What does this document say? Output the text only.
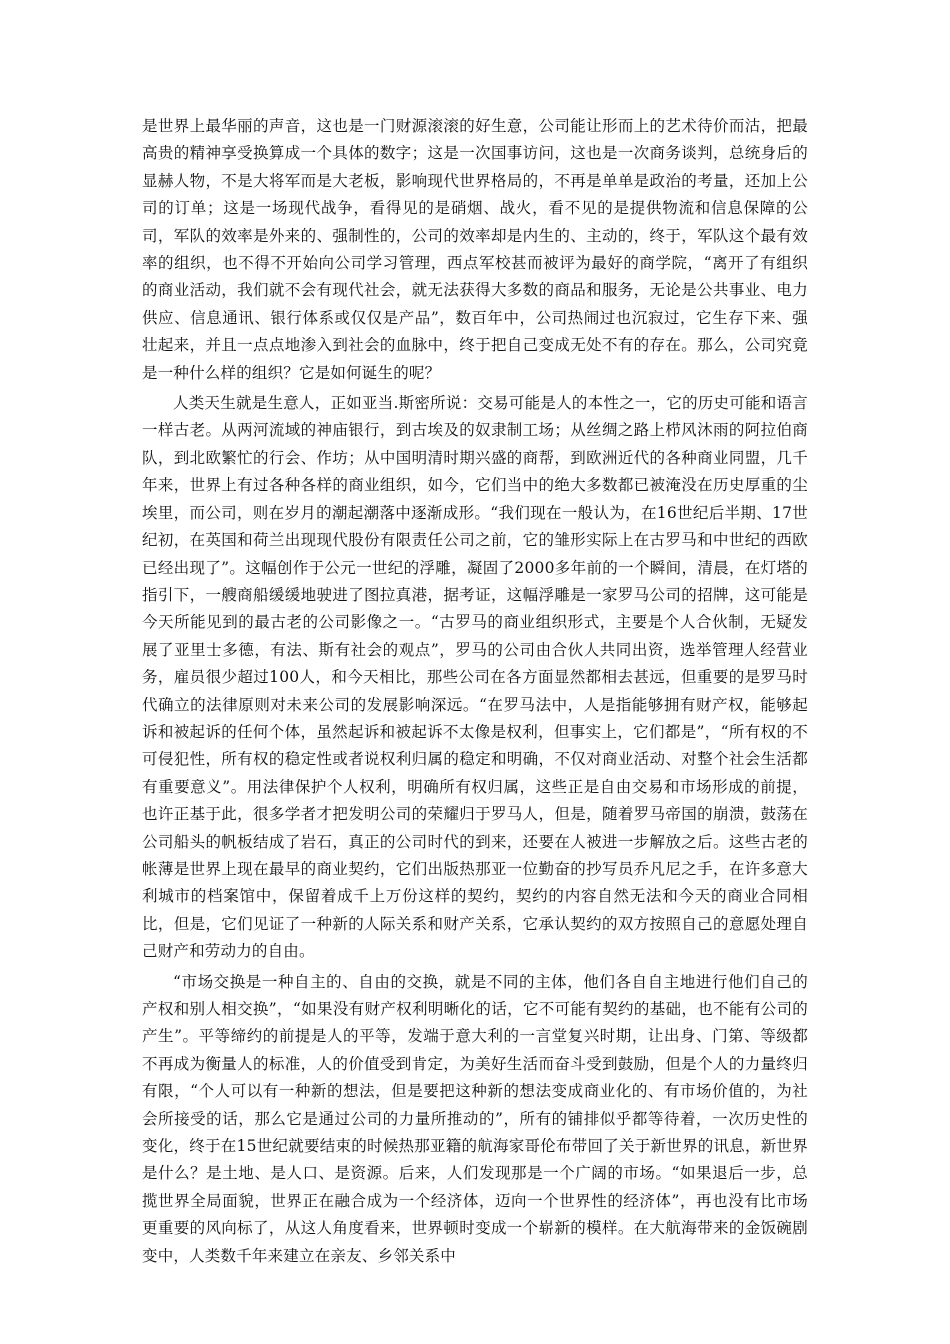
是世界上最华丽的声音，这也是一门财源滚滚的好生意，公司能让形而上的艺术待价而沽，把最高贵的精神享受换算成一个具体的数字；这是一次国事访问，这也是一次商务谈判，总统身后的显赫人物，不是大将军而是大老板，影响现代世界格局的，不再是单单是政治的考量，还加上公司的订单；这是一场现代战争，看得见的是硝烟、战火，看不见的是提供物流和信息保障的公司，军队的效率是外来的、强制性的，公司的效率却是内生的、主动的，终于，军队这个最有效率的组织，也不得不开始向公司学习管理，西点军校甚而被评为最好的商学院，“离开了有组织的商业活动，我们就不会有现代社会，就无法获得大多数的商品和服务，无论是公共事业、电力供应、信息通讯、银行体系或仅仅是产品”，数百年中，公司热闹过也沉寂过，它生存下来、强壮起来，并且一点点地渗入到社会的血脉中，终于把自己变成无处不有的存在。那么，公司究竟是一种什么样的组织？它是如何诞生的呢？

人类天生就是生意人，正如亚当.斯密所说：交易可能是人的本性之一，它的历史可能和语言一样古老。从两河流域的神庙银行，到古埃及的奴隶制工场；从丝绸之路上栉风沐雨的阿拉伯商队，到北欧繁忙的行会、作坊；从中国明清时期兴盛的商帮，到欧洲近代的各种商业同盟，几千年来，世界上有过各种各样的商业组织，如今，它们当中的绝大多数都已被淹没在历史厚重的尘埃里，而公司，则在岁月的潮起潮落中逐渐成形。“我们现在一般认为，在16世纪后半期、17世纪初，在英国和荷兰出现现代股份有限责任公司之前，它的雏形实际上在古罗马和中世纪的西欧已经出现了”。这幅创作于公元一世纪的浮雕，凝固了2000多年前的一个瞬间，清晨，在灯塔的指引下，一艘商船缓缓地驶进了图拉真港，据考证，这幅浮雕是一家罗马公司的招牌，这可能是今天所能见到的最古老的公司影像之一。“古罗马的商业组织形式，主要是个人合伙制，无疑发展了亚里士多德，有法、斯有社会的观点”，罗马的公司由合伙人共同出资，选举管理人经营业务，雇员很少超过100人，和今天相比，那些公司在各方面显然都相去甚远，但重要的是罗马时代确立的法律原则对未来公司的发展影响深远。“在罗马法中，人是指能够拥有财产权，能够起诉和被起诉的任何个体，虽然起诉和被起诉不太像是权利，但事实上，它们都是”，“所有权的不可侵犯性，所有权的稳定性或者说权利归属的稳定和明确，不仅对商业活动、对整个社会生活都有重要意义”。用法律保护个人权利，明确所有权归属，这些正是自由交易和市场形成的前提，也许正基于此，很多学者才把发明公司的荣耀归于罗马人，但是，随着罗马帝国的崩溃，鼓荡在公司船头的帆板结成了岩石，真正的公司时代的到来，还要在人被进一步解放之后。这些古老的帐薄是世界上现在最早的商业契约，它们出版热那亚一位勤奋的抄写员乔凡尼之手，在许多意大利城市的档案馆中，保留着成千上万份这样的契约，契约的内容自然无法和今天的商业合同相比，但是，它们见证了一种新的人际关系和财产关系，它承认契约的双方按照自己的意愿处理自己财产和劳动力的自由。

“市场交换是一种自主的、自由的交换，就是不同的主体，他们各自自主地进行他们自己的产权和别人相交换”，“如果没有财产权利明晰化的话，它不可能有契约的基础，也不能有公司的产生”。平等缔约的前提是人的平等，发端于意大利的一言堂复兴时期，让出身、门第、等级都不再成为衡量人的标准，人的价值受到肯定，为美好生活而奋斗受到鼓励，但是个人的力量终归有限，“个人可以有一种新的想法，但是要把这种新的想法变成商业化的、有市场价值的，为社会所接受的话，那么它是通过公司的力量所推动的”，所有的铺排似乎都等待着，一次历史性的变化，终于在15世纪就要结束的时候热那亚籍的航海家哥伦布带回了关于新世界的讯息，新世界是什么？是土地、是人口、是资源。后来，人们发现那是一个广阔的市场。“如果退后一步，总揽世界全局面貌，世界正在融合成为一个经济体，迈向一个世界性的经济体”，再也没有比市场更重要的风向标了，从这人角度看来，世界顿时变成一个崭新的模样。在大航海带来的金饭碗剧变中，人类数千年来建立在亲友、乡邻关系中
